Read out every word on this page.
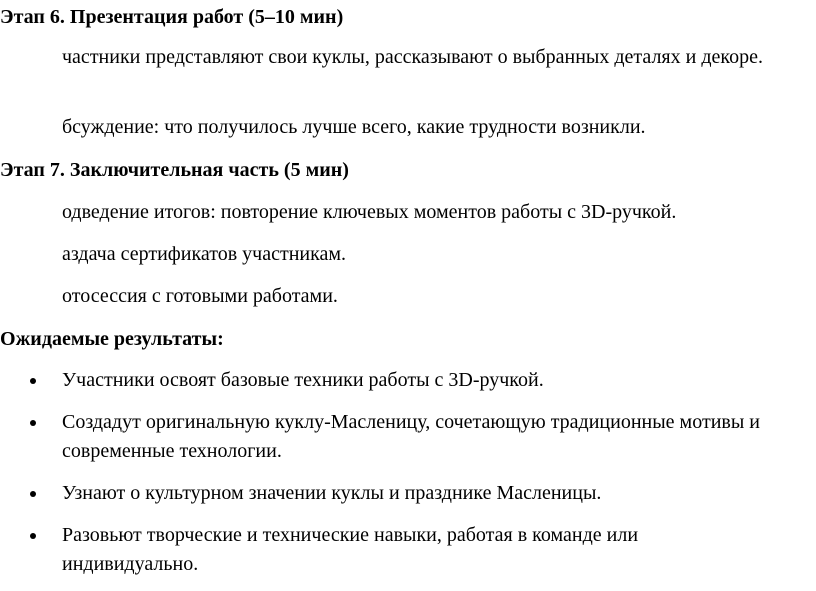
Этап 6. Презентация работ (5–10 мин)
частники представляют свои куклы, рассказывают о выбранных деталях и декоре.
бсуждение: что получилось лучше всего, какие трудности возникли.
Этап 7. Заключительная часть (5 мин)
одведение итогов: повторение ключевых моментов работы с 3D-ручкой.
аздача сертификатов участникам.
отосессия с готовыми работами.
Ожидаемые результаты:
Участники освоят базовые техники работы с 3D-ручкой.
Создадут оригинальную куклу-Масленицу, сочетающую традиционные мотивы и современные технологии.
Узнают о культурном значении куклы и празднике Масленицы.
Разовьют творческие и технические навыки, работая в команде или индивидуально.
